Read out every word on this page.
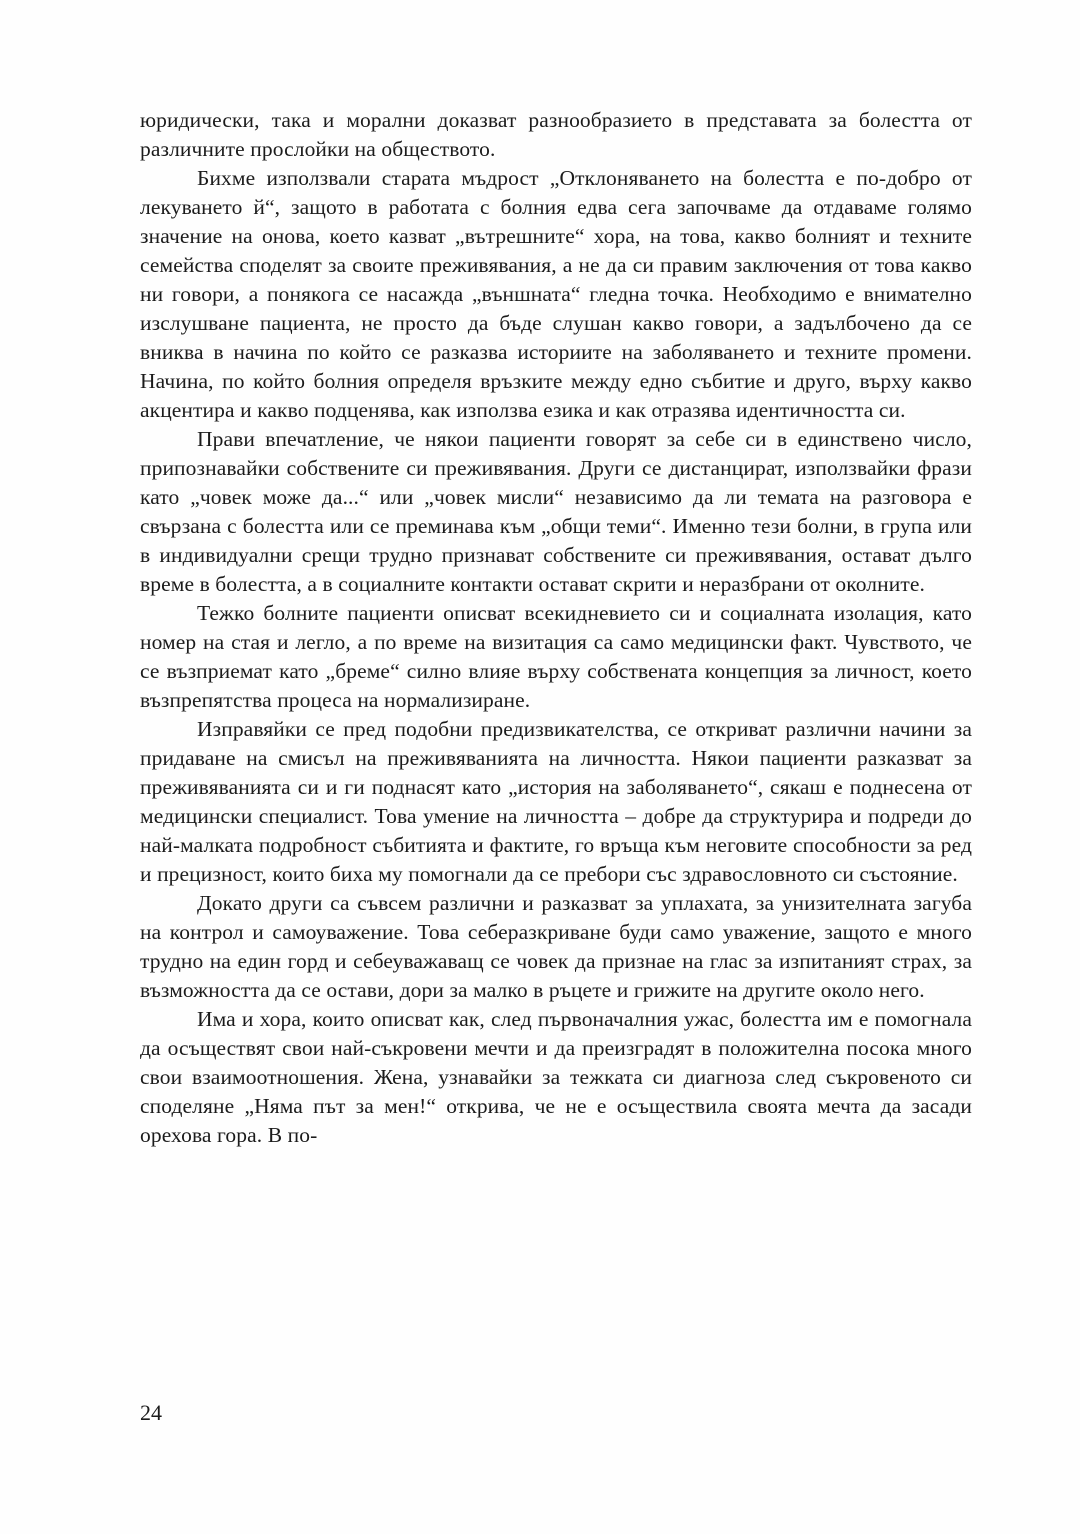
юридически, така и морални доказват разнообразието в представата за болестта от различните прослойки на обществото.

Бихме използвали старата мъдрост „Отклоняването на болестта е по-добро от лекуването й“, защото в работата с болния едва сега започваме да отдаваме голямо значение на онова, което казват „вътрешните“ хора, на това, какво болният и техните семейства споделят за своите преживявания, а не да си правим заключения от това какво ни говори, а понякога се насажда „външната“ гледна точка. Необходимо е внимателно изслушване пациента, не просто да бъде слушан какво говори, а задълбочено да се вниква в начина по който се разказва историите на заболяването и техните промени. Начина, по който болния определя връзките между едно събитие и друго, върху какво акцентира и какво подценява, как използва езика и как отразява идентичността си.

Прави впечатление, че някои пациенти говорят за себе си в единствено число, припознавайки собствените си преживявания. Други се дистанцират, използвайки фрази като „човек може да...“ или „човек мисли“ независимо да ли темата на разговора е свързана с болестта или се преминава към „общи теми“. Именно тези болни, в група или в индивидуални срещи трудно признават собствените си преживявания, остават дълго време в болестта, а в социалните контакти остават скрити и неразбрани от околните.

Тежко болните пациенти описват всекидневието си и социалната изолация, като номер на стая и легло, а по време на визитация са само медицински факт. Чувството, че се възприемат като „бреме“ силно влияе върху собствената концепция за личност, което възпрепятства процеса на нормализиране.

Изправяйки се пред подобни предизвикателства, се откриват различни начини за придаване на смисъл на преживяванията на личността. Някои пациенти разказват за преживяванията си и ги поднасят като „история на заболяването“, сякаш е поднесена от медицински специалист. Това умение на личността – добре да структурира и подреди до най-малката подробност събитията и фактите, го връща към неговите способности за ред и прецизност, които биха му помогнали да се пребори със здравословното си състояние.

Докато други са съвсем различни и разказват за уплахата, за унизителната загуба на контрол и самоуважение. Това себеразкриване буди само уважение, защото е много трудно на един горд и себеуважаващ се човек да признае на глас за изпитаният страх, за възможността да се остави, дори за малко в ръцете и грижите на другите около него.

Има и хора, които описват как, след първоначалния ужас, болестта им е помогнала да осъществят свои най-съкровени мечти и да преизградят в положителна посока много свои взаимоотношения. Жена, узнавайки за тежката си диагноза след съкровеното си споделяне „Няма път за мен!“ открива, че не е осъществила своята мечта да засади орехова гора. В по-

24
